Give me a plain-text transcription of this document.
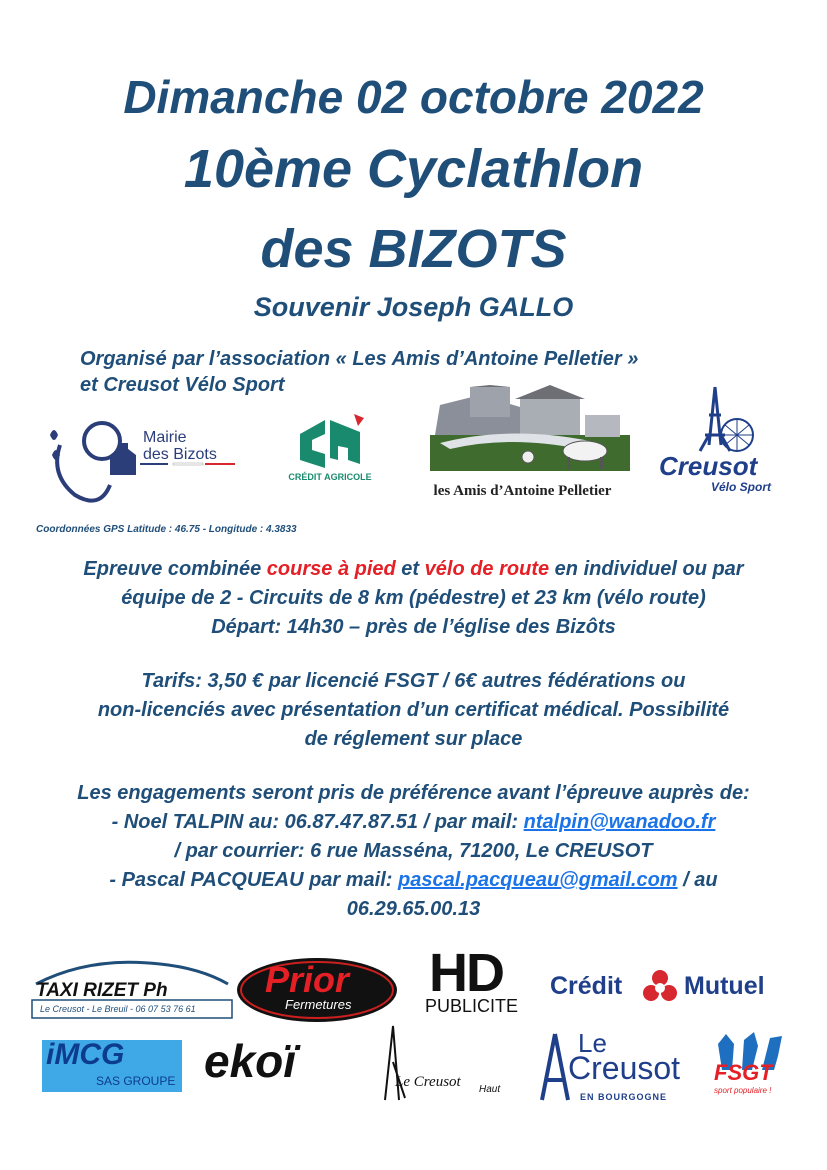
Dimanche 02 octobre 2022
10ème Cyclathlon
des BIZOTS
Souvenir Joseph GALLO
Organisé par l’association « Les Amis d’Antoine Pelletier »
et Creusot Vélo Sport
Mairie
des Bizots
CRÉDIT AGRICOLE
les Amis d’Antoine Pelletier
Creusot
Vélo Sport
Coordonnées GPS Latitude : 46.75 - Longitude : 4.3833
Epreuve combinée course à pied et vélo de route en individuel ou par
équipe de 2 - Circuits de 8 km (pédestre) et 23 km (vélo route)
Départ: 14h30 – près de l’église des Bizôts
Tarifs: 3,50 € par licencié FSGT / 6€ autres fédérations ou
non-licenciés avec présentation d’un certificat médical. Possibilité
de réglement sur place
Les engagements seront pris de préférence avant l’épreuve auprès de:
- Noel TALPIN au: 06.87.47.87.51 / par mail: ntalpin@wanadoo.fr
/ par courrier: 6 rue Masséna, 71200, Le CREUSOT
- Pascal PACQUEAU par mail: pascal.pacqueau@gmail.com / au
06.29.65.00.13
TAXI RIZET Ph
Le Creusot - Le Breuil - 06 07 53 76 61
Prior
Fermetures
HD
PUBLICITE
Crédit Mutuel
iMCG
SAS GROUPE ekoï	Le Creusot Haut
Le
Creusot
EN BOURGOGNE
FSGT
sport populaire !
